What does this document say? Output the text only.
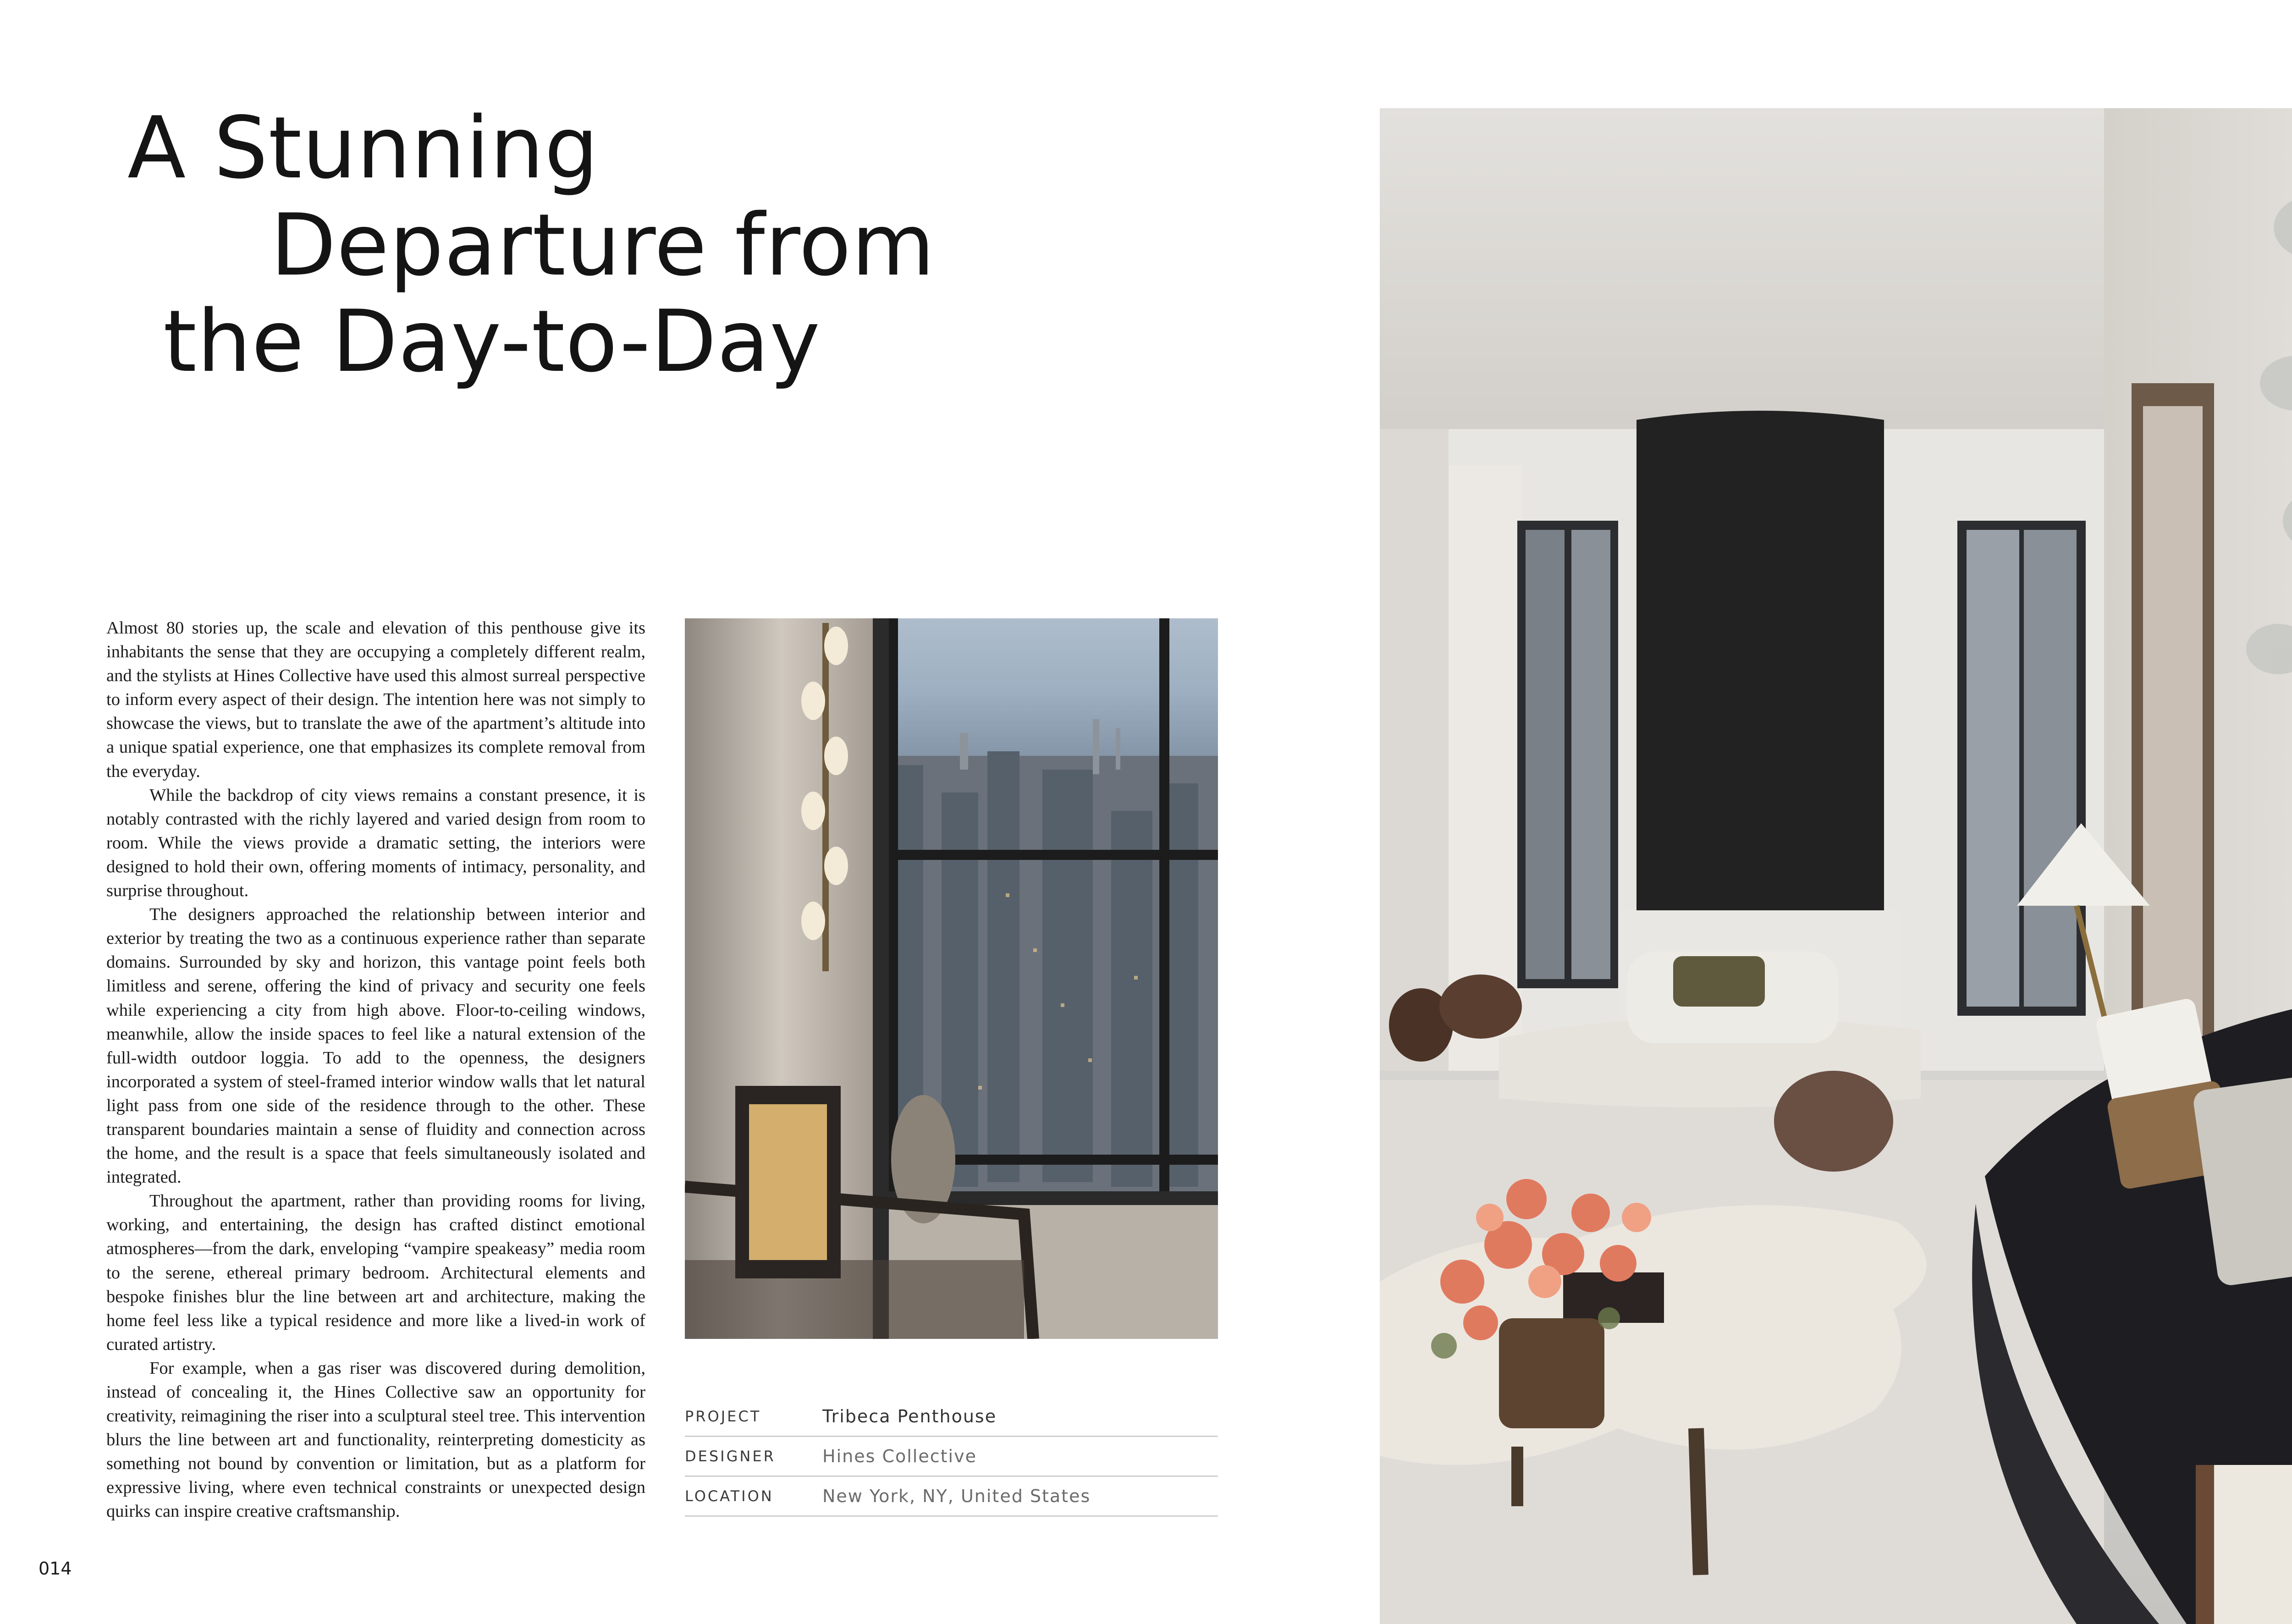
A Stunning
Departure from
the Day-to-Day

Almost 80 stories up, the scale and elevation of this penthouse give its inhabitants the sense that they are occupying a completely different realm, and the stylists at Hines Collective have used this almost surreal perspective to inform every aspect of their design. The intention here was not simply to showcase the views, but to translate the awe of the apartment’s altitude into a unique spatial experience, one that emphasizes its complete removal from the everyday.

While the backdrop of city views remains a constant presence, it is notably contrasted with the richly layered and varied design from room to room. While the views provide a dramatic setting, the interiors were designed to hold their own, offering moments of intimacy, personality, and surprise throughout.

The designers approached the relationship between interior and exterior by treating the two as a continuous experience rather than separate domains. Surrounded by sky and horizon, this vantage point feels both limitless and serene, offering the kind of privacy and security one feels while experiencing a city from high above. Floor-to-ceiling windows, meanwhile, allow the inside spaces to feel like a natural extension of the full-width outdoor loggia. To add to the openness, the designers incorporated a system of steel-framed interior window walls that let natural light pass from one side of the residence through to the other. These transparent boundaries maintain a sense of fluidity and connection across the home, and the result is a space that feels simultaneously isolated and integrated.

Throughout the apartment, rather than providing rooms for living, working, and entertaining, the design has crafted distinct emotional atmospheres—from the dark, enveloping “vampire speakeasy” media room to the serene, ethereal primary bedroom. Architectural elements and bespoke finishes blur the line between art and architecture, making the home feel less like a typical residence and more like a lived-in work of curated artistry.

For example, when a gas riser was discovered during demolition, instead of concealing it, the Hines Collective saw an opportunity for creativity, reimagining the riser into a sculptural steel tree. This intervention blurs the line between art and functionality, reinterpreting domesticity as something not bound by convention or limitation, but as a platform for expressive living, where even technical constraints or unexpected design quirks can inspire creative craftsmanship.

PROJECT	Tribeca Penthouse
DESIGNER	Hines Collective
LOCATION	New York, NY, United States
014
